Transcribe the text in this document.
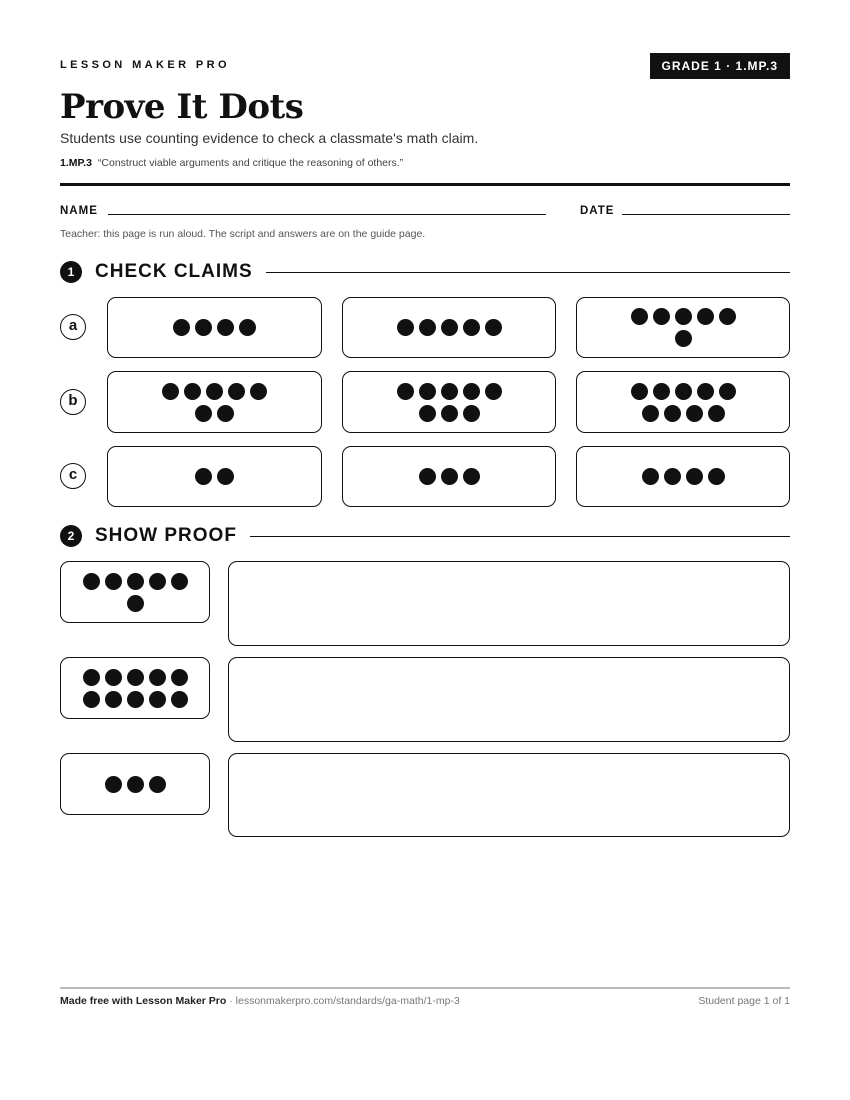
LESSON MAKER PRO	GRADE 1 · 1.MP.3
Prove It Dots
Students use counting evidence to check a classmate's math claim.
1.MP.3 “Construct viable arguments and critique the reasoning of others.”
NAME	DATE
Teacher: this page is run aloud. The script and answers are on the guide page.
1	CHECK CLAIMS
a
b
c
2	SHOW PROOF
Made free with Lesson Maker Pro · lessonmakerpro.com/standards/ga-math/1-mp-3	Student page 1 of 1
